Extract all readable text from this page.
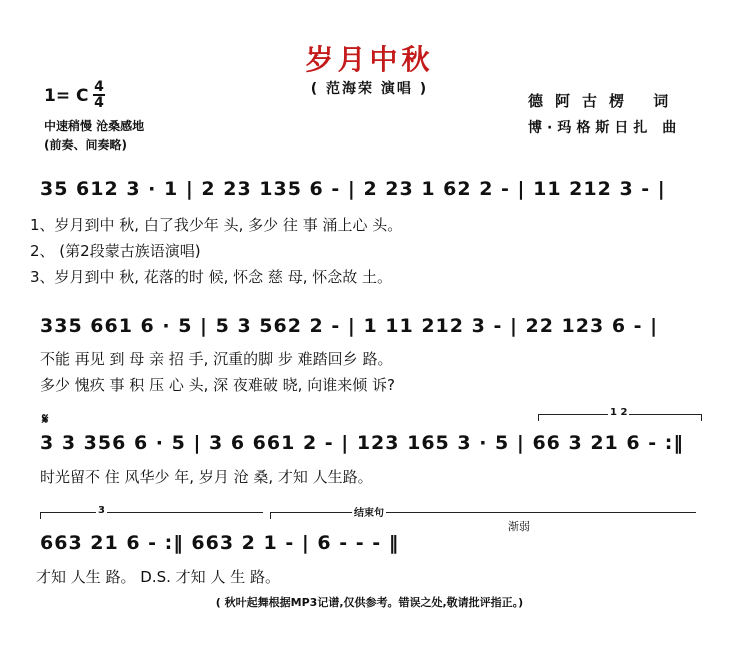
岁月中秋
( 范海荣 演唱 )
1= C 4
4
中速稍慢 沧桑感地
(前奏、间奏略)
德阿古楞 词
博·玛格斯日扎 曲
35 612 3 · 1 | 2 23 135 6 - | 2 23 1 62 2 - | 11 212 3 - |
1、岁月到中 秋, 白了我少年 头, 多少 往 事 涌上心 头。
2、 (第2段蒙古族语演唱)
3、岁月到中 秋, 花落的时 候, 怀念 慈 母, 怀念故 土。
335 661 6 · 5 | 5 3 562 2 - | 1 11 212 3 - | 22 123 6 - |
不能 再见 到 母 亲 招 手, 沉重的脚 步 难踏回乡 路。
多少 愧疚 事 积 压 心 头, 深 夜难破 晓, 向谁来倾 诉?
𝄋	1 2
3 3 356 6 · 5 | 3 6 661 2 - | 123 165 3 · 5 | 66 3 21 6 - :‖
时光留不 住 风华少 年, 岁月 沧 桑, 才知 人生路。
3	结束句
渐弱
663 21 6 - :‖ 663 2 1 - | 6 - - - ‖
才知 人生 路。 D.S. 才知 人 生 路。
( 秋叶起舞根据MP3记谱,仅供参考。错误之处,敬请批评指正。)
